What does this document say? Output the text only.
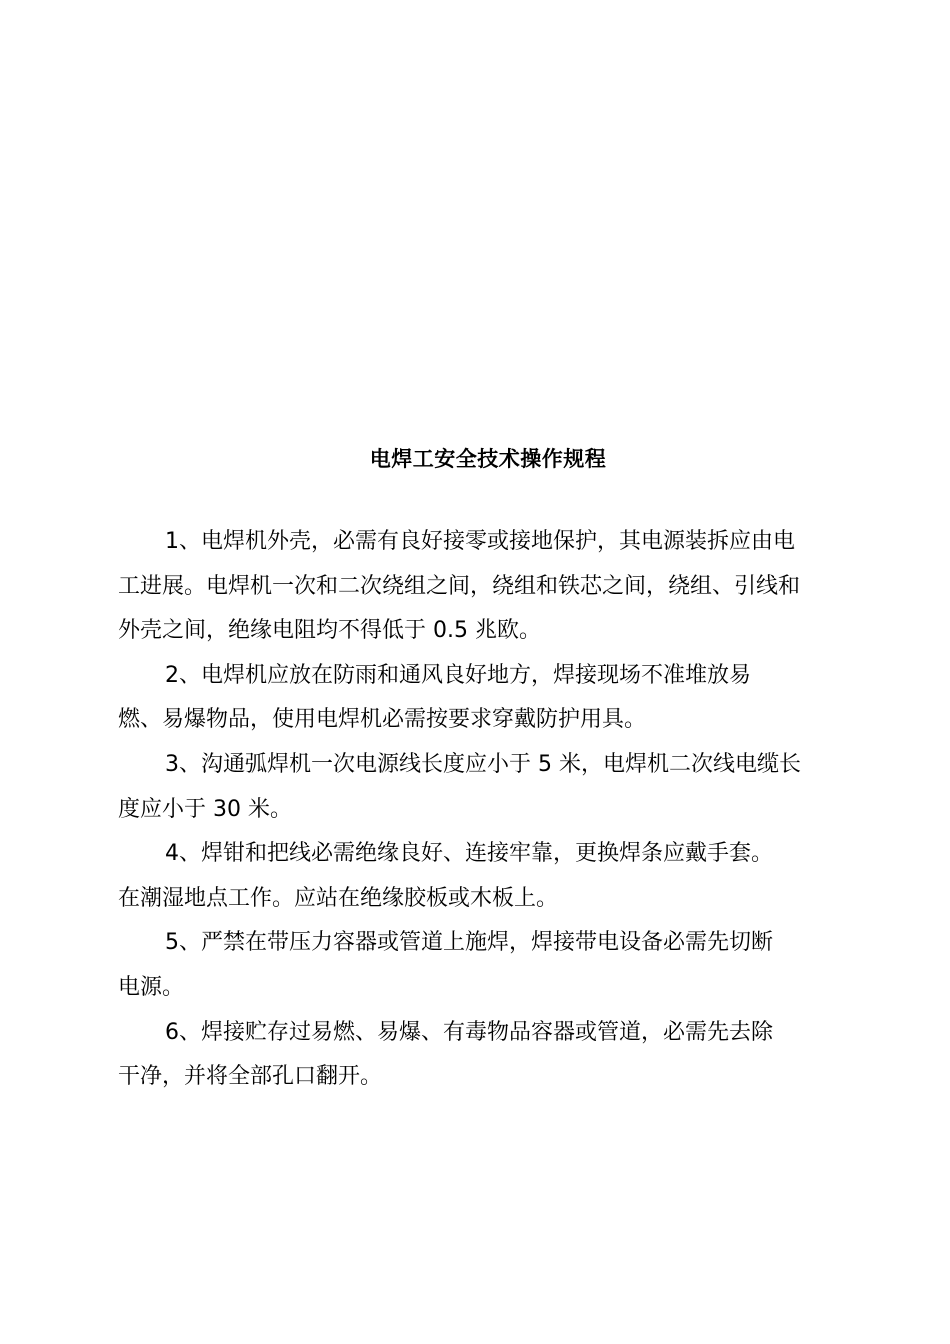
电焊工安全技术操作规程
1、电焊机外壳，必需有良好接零或接地保护，其电源装拆应由电
工进展。电焊机一次和二次绕组之间，绕组和铁芯之间，绕组、引线和
外壳之间，绝缘电阻均不得低于 0.5 兆欧。
2、电焊机应放在防雨和通风良好地方，焊接现场不准堆放易
燃、易爆物品，使用电焊机必需按要求穿戴防护用具。
3、沟通弧焊机一次电源线长度应小于 5 米，电焊机二次线电缆长
度应小于 30 米。
4、焊钳和把线必需绝缘良好、连接牢靠，更换焊条应戴手套。
在潮湿地点工作。应站在绝缘胶板或木板上。
5、严禁在带压力容器或管道上施焊，焊接带电设备必需先切断
电源。
6、焊接贮存过易燃、易爆、有毒物品容器或管道，必需先去除
干净，并将全部孔口翻开。
